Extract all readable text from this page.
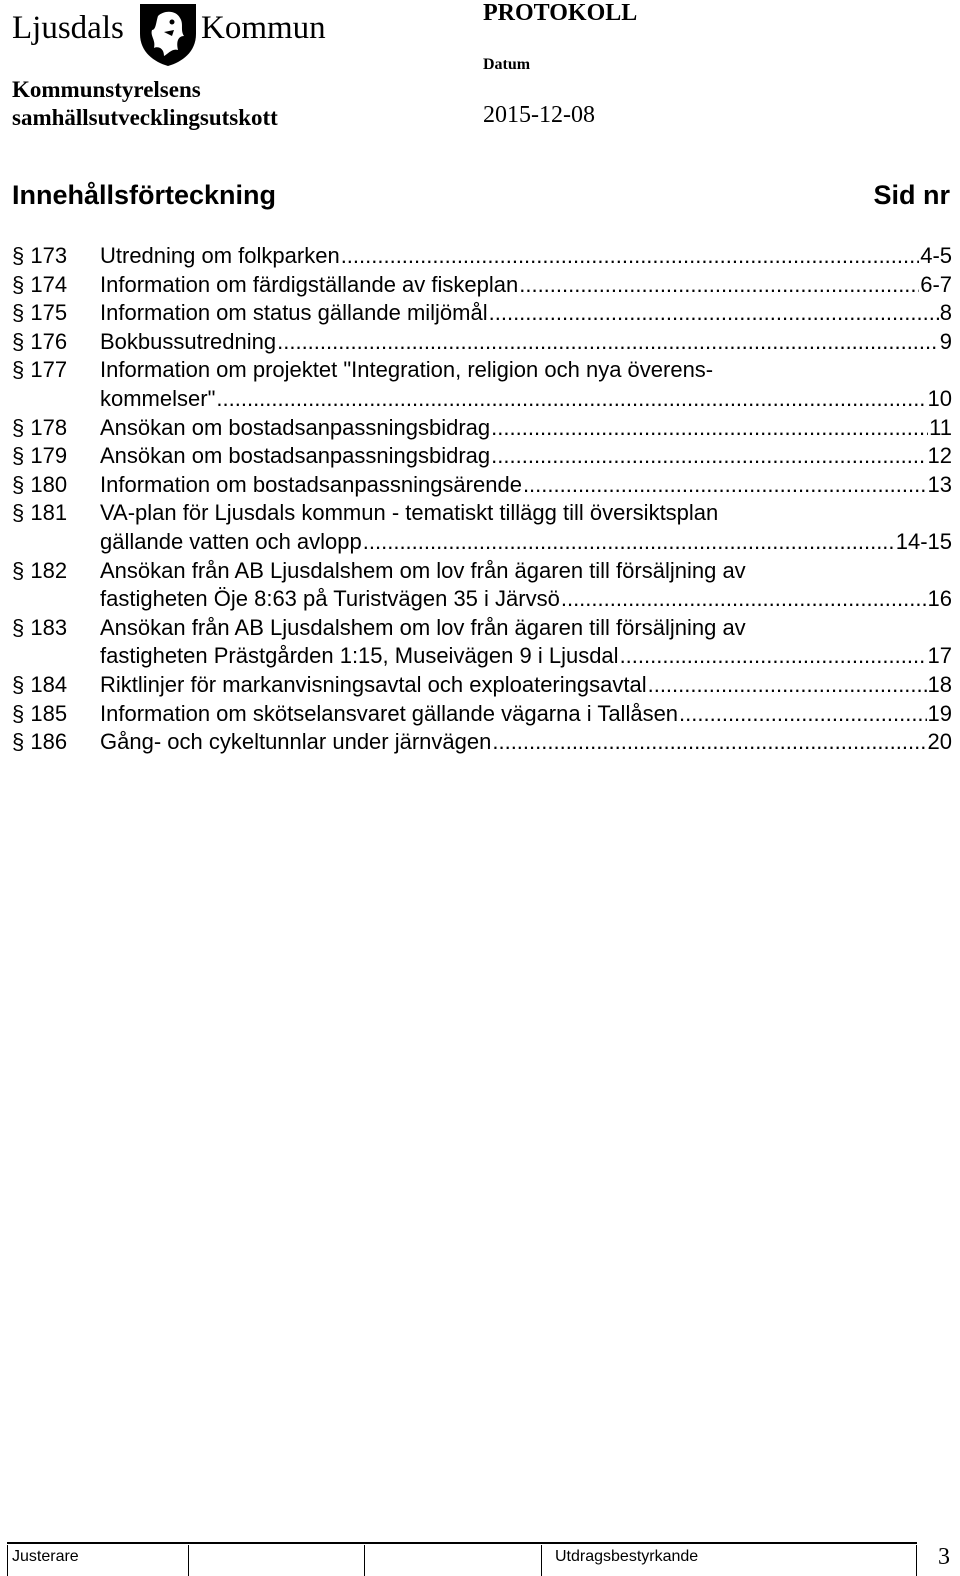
Ljusdals Kommun
Kommunstyrelsens
samhällsutvecklingsutskott
PROTOKOLL
Datum
2015-12-08
Innehållsförteckning	Sid nr
§ 173 Utredning om folkparken .....	4-5
§ 174 Information om färdigställande av fiskeplan .....	6-7
§ 175 Information om status gällande miljömål .....	8
§ 176 Bokbussutredning .....	9
§ 177 Information om projektet "Integration, religion och nya överens-
kommelser" .....	10
§ 178 Ansökan om bostadsanpassningsbidrag .....	11
§ 179 Ansökan om bostadsanpassningsbidrag .....	12
§ 180 Information om bostadsanpassningsärende .....	13
§ 181 VA-plan för Ljusdals kommun - tematiskt tillägg till översiktsplan
gällande vatten och avlopp .....	14-15
§ 182 Ansökan från AB Ljusdalshem om lov från ägaren till försäljning av
fastigheten Öje 8:63 på Turistvägen 35 i Järvsö .....	16
§ 183 Ansökan från AB Ljusdalshem om lov från ägaren till försäljning av
fastigheten Prästgården 1:15, Museivägen 9 i Ljusdal .....	17
§ 184 Riktlinjer för markanvisningsavtal och exploateringsavtal .....	18
§ 185 Information om skötselansvaret gällande vägarna i Tallåsen .....	19
§ 186 Gång- och cykeltunnlar under järnvägen .....	20
Justerare	Utdragsbestyrkande	3
